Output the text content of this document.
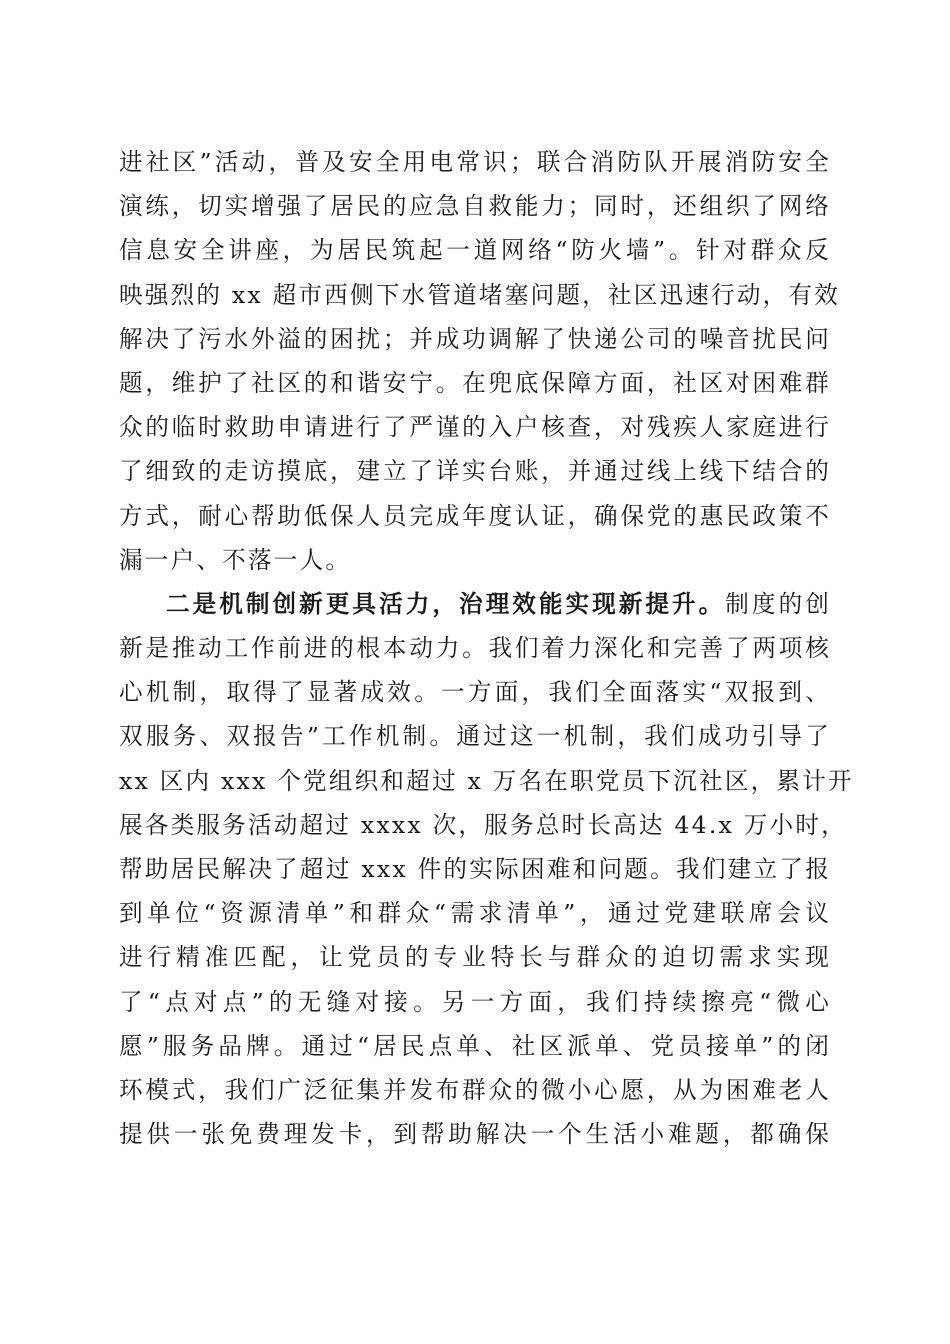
进社区”活动，普及安全用电常识；联合消防队开展消防安全
演练，切实增强了居民的应急自救能力；同时，还组织了网络
信息安全讲座，为居民筑起一道网络“防火墙”。针对群众反
映强烈的 xx 超市西侧下水管道堵塞问题，社区迅速行动，有效
解决了污水外溢的困扰；并成功调解了快递公司的噪音扰民问
题，维护了社区的和谐安宁。在兜底保障方面，社区对困难群
众的临时救助申请进行了严谨的入户核查，对残疾人家庭进行
了细致的走访摸底，建立了详实台账，并通过线上线下结合的
方式，耐心帮助低保人员完成年度认证，确保党的惠民政策不
漏一户、不落一人。
二是机制创新更具活力，治理效能实现新提升。制度的创
新是推动工作前进的根本动力。我们着力深化和完善了两项核
心机制，取得了显著成效。一方面，我们全面落实“双报到、
双服务、双报告”工作机制。通过这一机制，我们成功引导了
xx 区内 xxx 个党组织和超过 x 万名在职党员下沉社区，累计开
展各类服务活动超过 xxxx 次，服务总时长高达 44.x 万小时，
帮助居民解决了超过 xxx 件的实际困难和问题。我们建立了报
到单位“资源清单”和群众“需求清单”，通过党建联席会议
进行精准匹配，让党员的专业特长与群众的迫切需求实现
了“点对点”的无缝对接。另一方面，我们持续擦亮“微心
愿”服务品牌。通过“居民点单、社区派单、党员接单”的闭
环模式，我们广泛征集并发布群众的微小心愿，从为困难老人
提供一张免费理发卡，到帮助解决一个生活小难题，都确保
